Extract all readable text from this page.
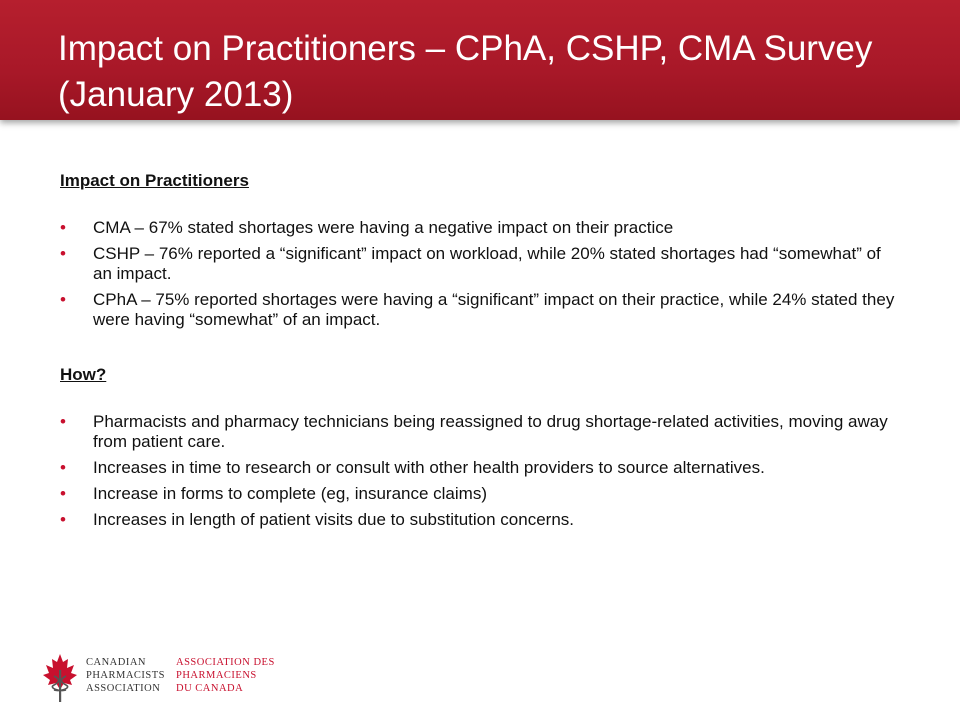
Impact on Practitioners – CPhA, CSHP, CMA Survey (January 2013)

Impact on Practitioners

• CMA – 67% stated shortages were having a negative impact on their practice
• CSHP – 76% reported a “significant” impact on workload, while 20% stated shortages had “somewhat” of an impact.
• CPhA – 75% reported shortages were having a “significant” impact on their practice, while 24% stated they were having “somewhat” of an impact.

How?

• Pharmacists and pharmacy technicians being reassigned to drug shortage-related activities, moving away from patient care.
• Increases in time to research or consult with other health providers to source alternatives.
• Increase in forms to complete (eg, insurance claims)
• Increases in length of patient visits due to substitution concerns.
CANADIAN
PHARMACISTS
ASSOCIATION
ASSOCIATION DES
PHARMACIENS
DU CANADA
